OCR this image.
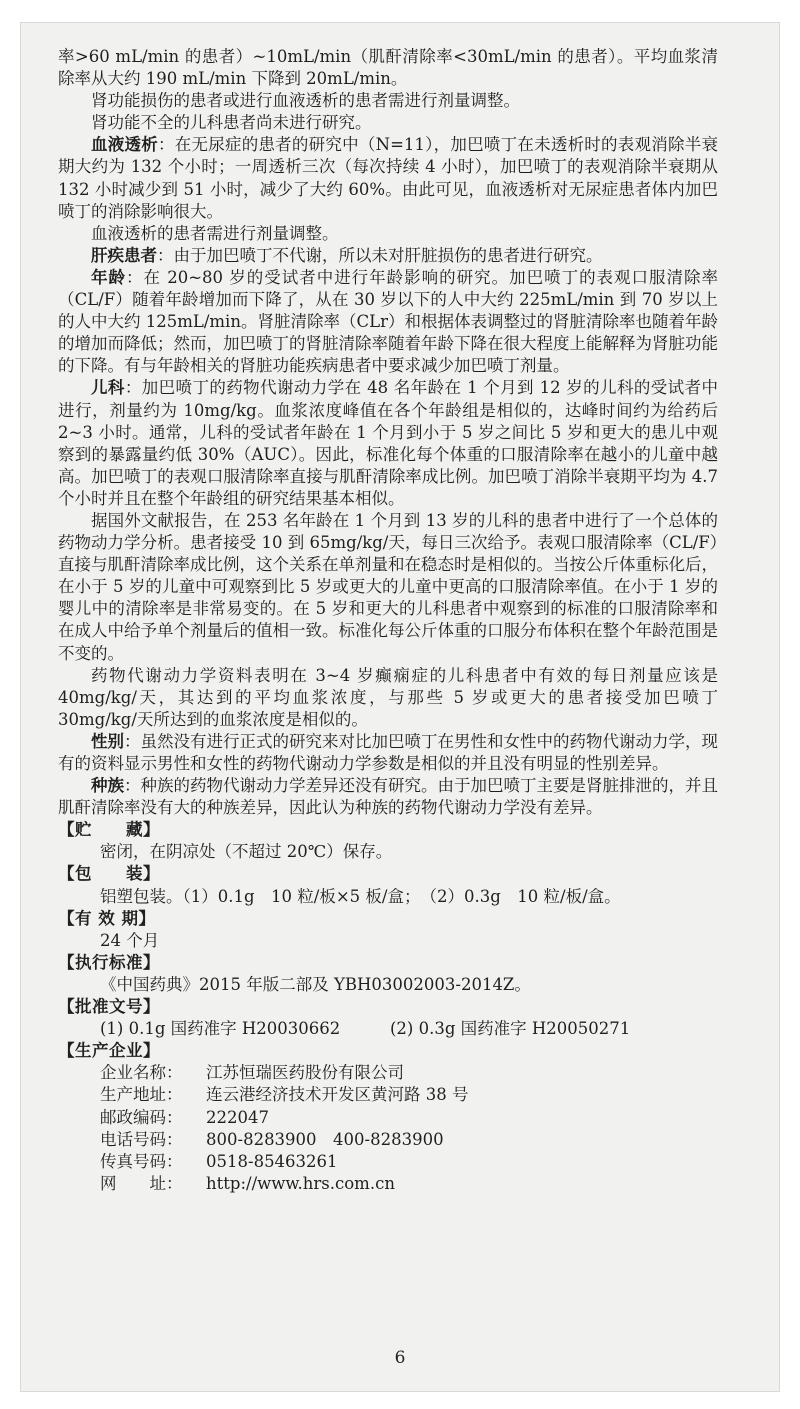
率>60 mL/min 的患者）~10mL/min（肌酐清除率<30mL/min 的患者）。平均血浆清除率从大约 190 mL/min 下降到 20mL/min。

肾功能损伤的患者或进行血液透析的患者需进行剂量调整。

肾功能不全的儿科患者尚未进行研究。

血液透析：在无尿症的患者的研究中（N=11），加巴喷丁在未透析时的表观消除半衰期大约为 132 个小时；一周透析三次（每次持续 4 小时），加巴喷丁的表观消除半衰期从 132 小时减少到 51 小时，减少了大约 60%。由此可见，血液透析对无尿症患者体内加巴喷丁的消除影响很大。

血液透析的患者需进行剂量调整。

肝疾患者：由于加巴喷丁不代谢，所以未对肝脏损伤的患者进行研究。

年龄：在 20~80 岁的受试者中进行年龄影响的研究。加巴喷丁的表观口服清除率（CL/F）随着年龄增加而下降了，从在 30 岁以下的人中大约 225mL/min 到 70 岁以上的人中大约 125mL/min。肾脏清除率（CLr）和根据体表调整过的肾脏清除率也随着年龄的增加而降低；然而，加巴喷丁的肾脏清除率随着年龄下降在很大程度上能解释为肾脏功能的下降。有与年龄相关的肾脏功能疾病患者中要求减少加巴喷丁剂量。

儿科：加巴喷丁的药物代谢动力学在 48 名年龄在 1 个月到 12 岁的儿科的受试者中进行，剂量约为 10mg/kg。血浆浓度峰值在各个年龄组是相似的，达峰时间约为给药后 2~3 小时。通常，儿科的受试者年龄在 1 个月到小于 5 岁之间比 5 岁和更大的患儿中观察到的暴露量约低 30%（AUC）。因此，标准化每个体重的口服清除率在越小的儿童中越高。加巴喷丁的表观口服清除率直接与肌酐清除率成比例。加巴喷丁消除半衰期平均为 4.7 个小时并且在整个年龄组的研究结果基本相似。

据国外文献报告，在 253 名年龄在 1 个月到 13 岁的儿科的患者中进行了一个总体的药物动力学分析。患者接受 10 到 65mg/kg/天，每日三次给予。表观口服清除率（CL/F）直接与肌酐清除率成比例，这个关系在单剂量和在稳态时是相似的。当按公斤体重标化后，在小于 5 岁的儿童中可观察到比 5 岁或更大的儿童中更高的口服清除率值。在小于 1 岁的婴儿中的清除率是非常易变的。在 5 岁和更大的儿科患者中观察到的标准的口服清除率和在成人中给予单个剂量后的值相一致。标准化每公斤体重的口服分布体积在整个年龄范围是不变的。

药物代谢动力学资料表明在 3~4 岁癫痫症的儿科患者中有效的每日剂量应该是 40mg/kg/天，其达到的平均血浆浓度，与那些 5 岁或更大的患者接受加巴喷丁 30mg/kg/天所达到的血浆浓度是相似的。

性别：虽然没有进行正式的研究来对比加巴喷丁在男性和女性中的药物代谢动力学，现有的资料显示男性和女性的药物代谢动力学参数是相似的并且没有明显的性别差异。

种族：种族的药物代谢动力学差异还没有研究。由于加巴喷丁主要是肾脏排泄的，并且肌酐清除率没有大的种族差异，因此认为种族的药物代谢动力学没有差异。

【贮　　藏】

密闭，在阴凉处（不超过 20℃）保存。

【包　　装】

铝塑包装。（1）0.1g　10 粒/板×5 板/盒；　（2）0.3g　10 粒/板/盒。

【有 效 期】

24 个月

【执行标准】

《中国药典》2015 年版二部及 YBH03002003-2014Z。

【批准文号】

(1) 0.1g 国药准字 H20030662	(2) 0.3g 国药准字 H20050271

【生产企业】

企业名称：	江苏恒瑞医药股份有限公司

生产地址：	连云港经济技术开发区黄河路 38 号

邮政编码：	222047

电话号码：	800-8283900　400-8283900

传真号码：	0518-85463261

网　　址：	http://www.hrs.com.cn

6
